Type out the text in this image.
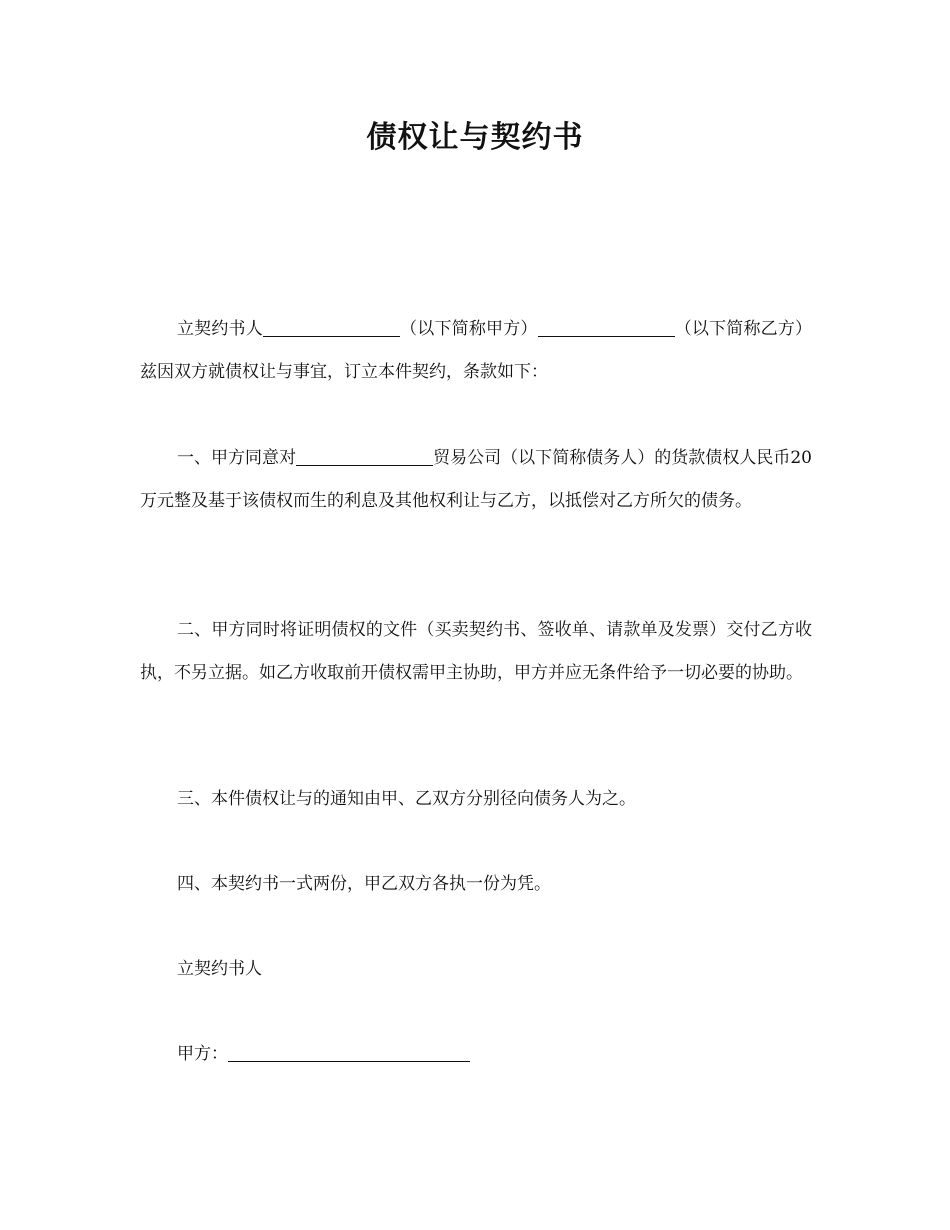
债权让与契约书
立契约书人	（以下简称甲方）	（以下简称乙方）兹因双方就债权让与事宜，订立本件契约，条款如下：
一、甲方同意对	贸易公司（以下简称债务人）的货款债权人民币20万元整及基于该债权而生的利息及其他权利让与乙方，以抵偿对乙方所欠的债务。
二、甲方同时将证明债权的文件（买卖契约书、签收单、请款单及发票）交付乙方收执，不另立据。如乙方收取前开债权需甲主协助，甲方并应无条件给予一切必要的协助。
三、本件债权让与的通知由甲、乙双方分别径向债务人为之。
四、本契约书一式两份，甲乙双方各执一份为凭。
立契约书人
甲方：
